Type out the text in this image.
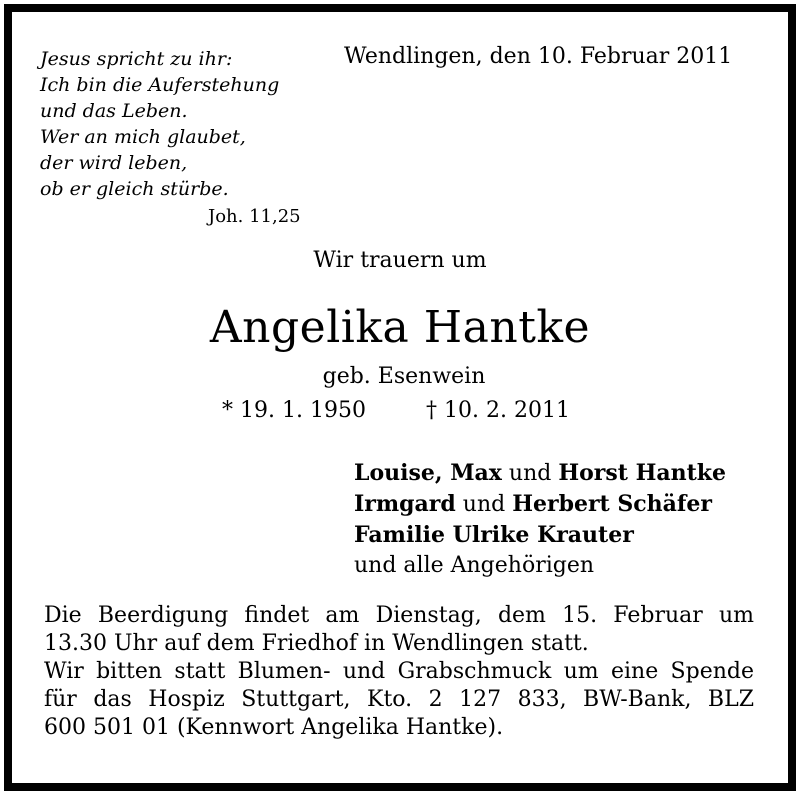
Jesus spricht zu ihr:
Ich bin die Auferstehung
und das Leben.
Wer an mich glaubet,
der wird leben,
ob er gleich stürbe.
Joh. 11,25
Wendlingen, den 10. Februar 2011
Wir trauern um
Angelika Hantke
geb. Esenwein
* 19. 1. 1950	† 10. 2. 2011
Louise, Max und Horst Hantke
Irmgard und Herbert Schäfer
Familie Ulrike Krauter
und alle Angehörigen
Die Beerdigung findet am Dienstag, dem 15. Februar um
13.30 Uhr auf dem Friedhof in Wendlingen statt.
Wir bitten statt Blumen- und Grabschmuck um eine Spende
für das Hospiz Stuttgart, Kto. 2 127 833, BW-Bank, BLZ
600 501 01 (Kennwort Angelika Hantke).
